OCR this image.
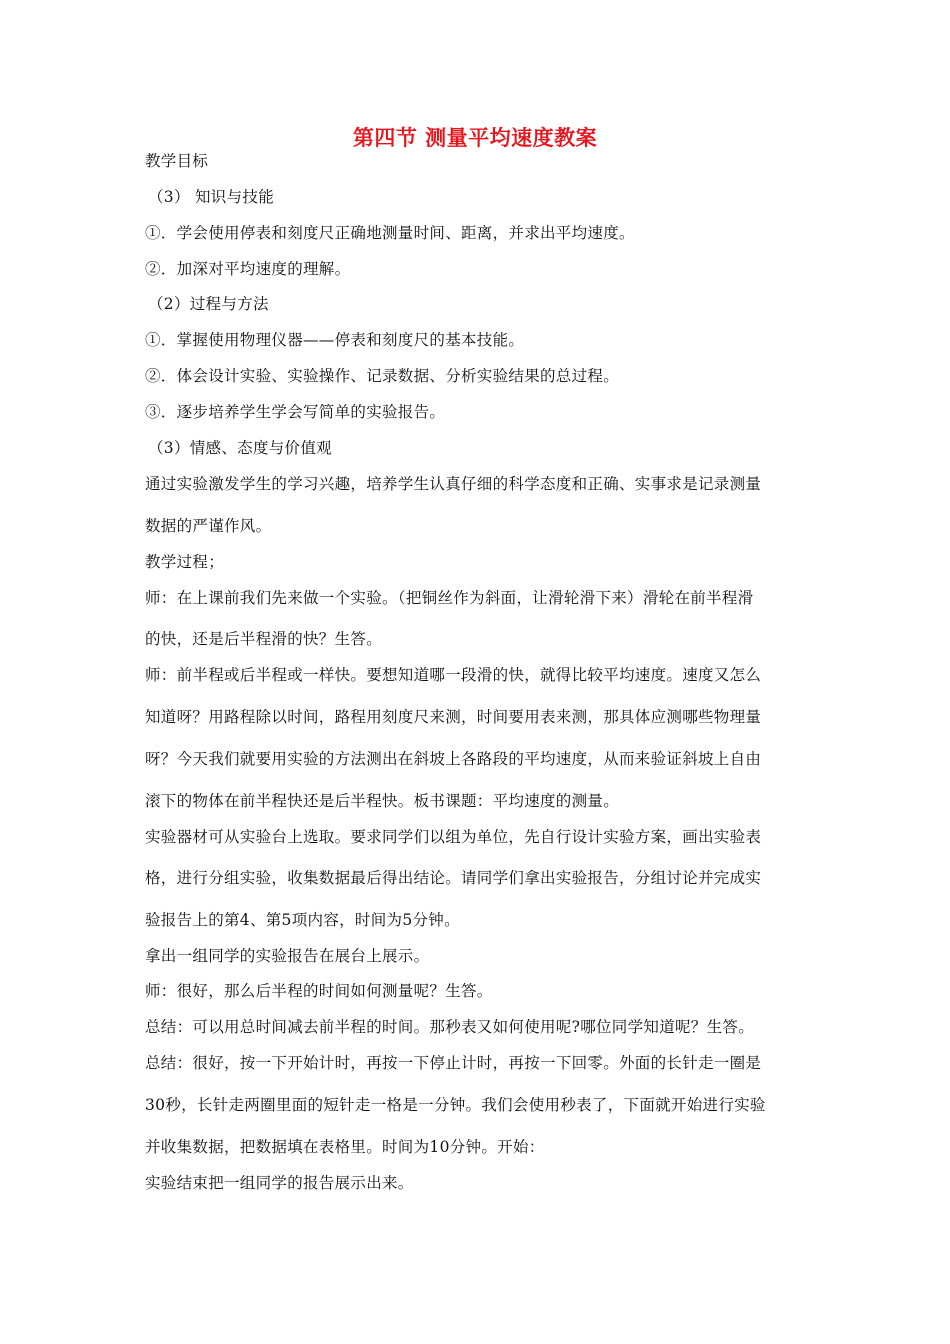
第四节 测量平均速度教案
教学目标
（3） 知识与技能
①．学会使用停表和刻度尺正确地测量时间、距离，并求出平均速度。
②．加深对平均速度的理解。
（2）过程与方法
①．掌握使用物理仪器——停表和刻度尺的基本技能。
②．体会设计实验、实验操作、记录数据、分析实验结果的总过程。
③．逐步培养学生学会写简单的实验报告。
（3）情感、态度与价值观
通过实验激发学生的学习兴趣，培养学生认真仔细的科学态度和正确、实事求是记录测量
数据的严谨作风。
教学过程；
师：在上课前我们先来做一个实验。（把铜丝作为斜面，让滑轮滑下来）滑轮在前半程滑
的快，还是后半程滑的快？生答。
师：前半程或后半程或一样快。要想知道哪一段滑的快，就得比较平均速度。速度又怎么
知道呀？用路程除以时间，路程用刻度尺来测，时间要用表来测，那具体应测哪些物理量
呀？今天我们就要用实验的方法测出在斜坡上各路段的平均速度，从而来验证斜坡上自由
滚下的物体在前半程快还是后半程快。板书课题：平均速度的测量。
实验器材可从实验台上选取。要求同学们以组为单位，先自行设计实验方案，画出实验表
格，进行分组实验，收集数据最后得出结论。请同学们拿出实验报告，分组讨论并完成实
验报告上的第4、第5项内容，时间为5分钟。
拿出一组同学的实验报告在展台上展示。
师：很好，那么后半程的时间如何测量呢？生答。
总结：可以用总时间减去前半程的时间。那秒表又如何使用呢?哪位同学知道呢？生答。
总结：很好，按一下开始计时，再按一下停止计时，再按一下回零。外面的长针走一圈是
30秒，长针走两圈里面的短针走一格是一分钟。我们会使用秒表了，下面就开始进行实验
并收集数据，把数据填在表格里。时间为10分钟。开始：
实验结束把一组同学的报告展示出来。
